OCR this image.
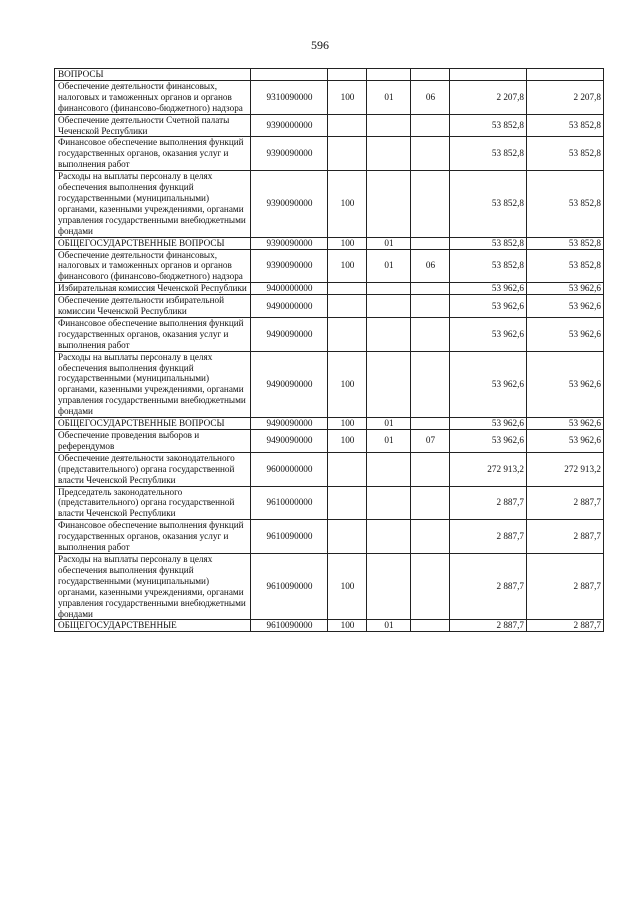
596
ВОПРОСЫ						
Обеспечение деятельности финансовых, налоговых и таможенных органов и органов финансового (финансово-бюджетного) надзора	9310090000	100	01	06	2 207,8	2 207,8
Обеспечение деятельности Счетной палаты Чеченской Республики	9390000000				53 852,8	53 852,8
Финансовое обеспечение выполнения функций государственных органов, оказания услуг и выполнения работ	9390090000				53 852,8	53 852,8
Расходы на выплаты персоналу в целях обеспечения выполнения функций государственными (муниципальными) органами, казенными учреждениями, органами управления государственными внебюджетными фондами	9390090000	100			53 852,8	53 852,8
ОБЩЕГОСУДАРСТВЕННЫЕ ВОПРОСЫ	9390090000	100	01		53 852,8	53 852,8
Обеспечение деятельности финансовых, налоговых и таможенных органов и органов финансового (финансово-бюджетного) надзора	9390090000	100	01	06	53 852,8	53 852,8
Избирательная комиссия Чеченской Республики	9400000000				53 962,6	53 962,6
Обеспечение деятельности избирательной комиссии Чеченской Республики	9490000000				53 962,6	53 962,6
Финансовое обеспечение выполнения функций государственных органов, оказания услуг и выполнения работ	9490090000				53 962,6	53 962,6
Расходы на выплаты персоналу в целях обеспечения выполнения функций государственными (муниципальными) органами, казенными учреждениями, органами управления государственными внебюджетными фондами	9490090000	100			53 962,6	53 962,6
ОБЩЕГОСУДАРСТВЕННЫЕ ВОПРОСЫ	9490090000	100	01		53 962,6	53 962,6
Обеспечение проведения выборов и референдумов	9490090000	100	01	07	53 962,6	53 962,6
Обеспечение деятельности законодательного (представительного) органа государственной власти Чеченской Республики	9600000000				272 913,2	272 913,2
Председатель законодательного (представительного) органа государственной власти Чеченской Республики	9610000000				2 887,7	2 887,7
Финансовое обеспечение выполнения функций государственных органов, оказания услуг и выполнения работ	9610090000				2 887,7	2 887,7
Расходы на выплаты персоналу в целях обеспечения выполнения функций государственными (муниципальными) органами, казенными учреждениями, органами управления государственными внебюджетными фондами	9610090000	100			2 887,7	2 887,7
ОБЩЕГОСУДАРСТВЕННЫЕ	9610090000	100	01		2 887,7	2 887,7
